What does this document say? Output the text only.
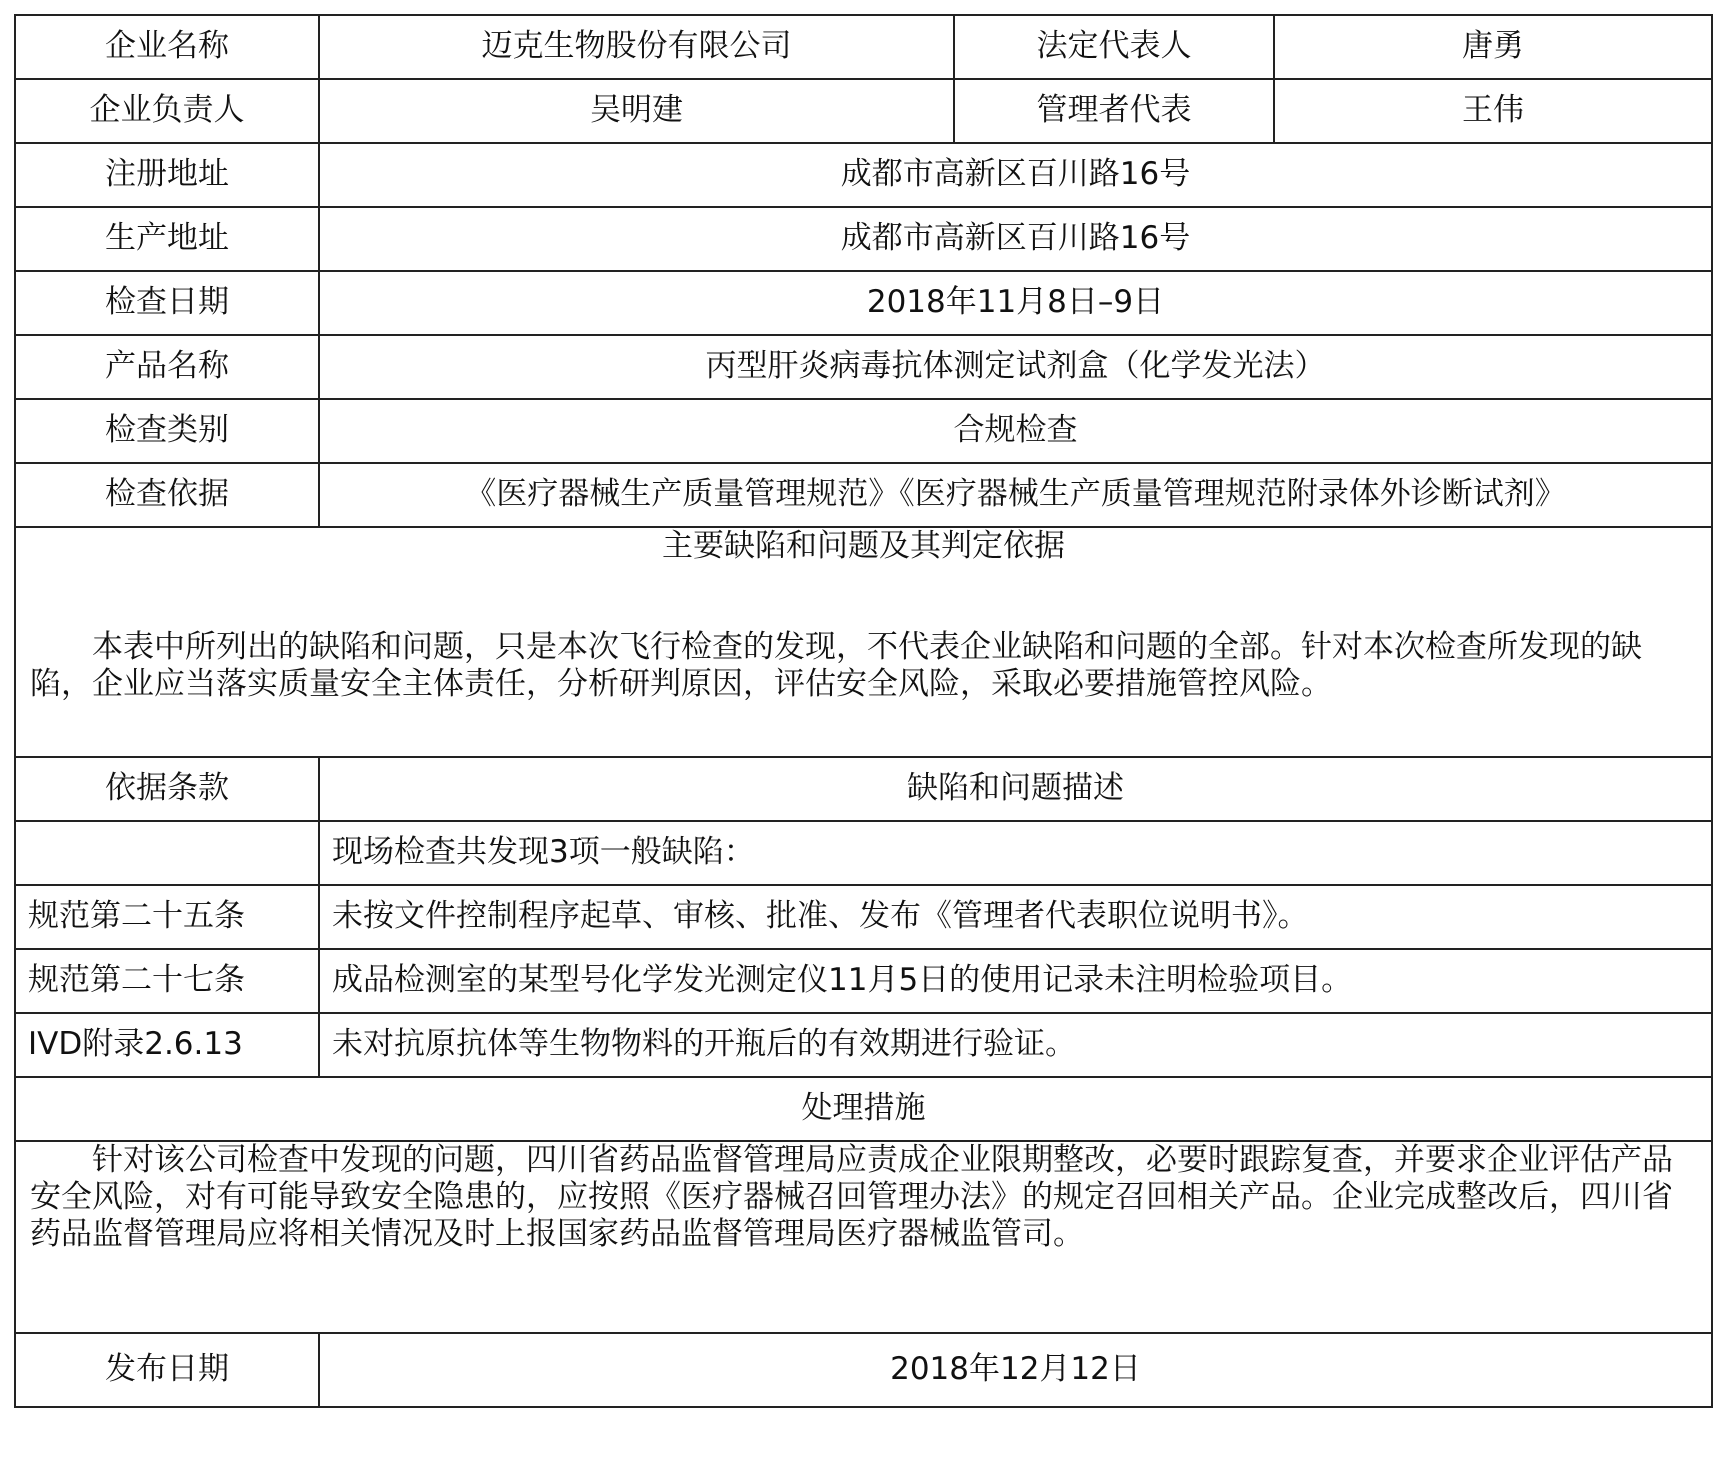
企业名称	迈克生物股份有限公司	法定代表人	唐勇
企业负责人	吴明建	管理者代表	王伟
注册地址	成都市高新区百川路16号		
生产地址	成都市高新区百川路16号		
检查日期	2018年11月8日–9日		
产品名称	丙型肝炎病毒抗体测定试剂盒（化学发光法）		
检查类别	合规检查		
检查依据	《医疗器械生产质量管理规范》《医疗器械生产质量管理规范附录体外诊断试剂》		

主要缺陷和问题及其判定依据

本表中所列出的缺陷和问题，只是本次飞行检查的发现，不代表企业缺陷和问题的全部。针对本次检查所发现的缺陷，企业应当落实质量安全主体责任，分析研判原因，评估安全风险，采取必要措施管控风险。			

依据条款	缺陷和问题描述		
	现场检查共发现3项一般缺陷：		
规范第二十五条	未按文件控制程序起草、审核、批准、发布《管理者代表职位说明书》。		
规范第二十七条	成品检测室的某型号化学发光测定仪11月5日的使用记录未注明检验项目。		
IVD附录2.6.13	未对抗原抗体等生物物料的开瓶后的有效期进行验证。		
处理措施			

针对该公司检查中发现的问题，四川省药品监督管理局应责成企业限期整改，必要时跟踪复查，并要求企业评估产品安全风险，对有可能导致安全隐患的，应按照《医疗器械召回管理办法》的规定召回相关产品。企业完成整改后，四川省药品监督管理局应将相关情况及时上报国家药品监督管理局医疗器械监管司。			

发布日期	2018年12月12日		
